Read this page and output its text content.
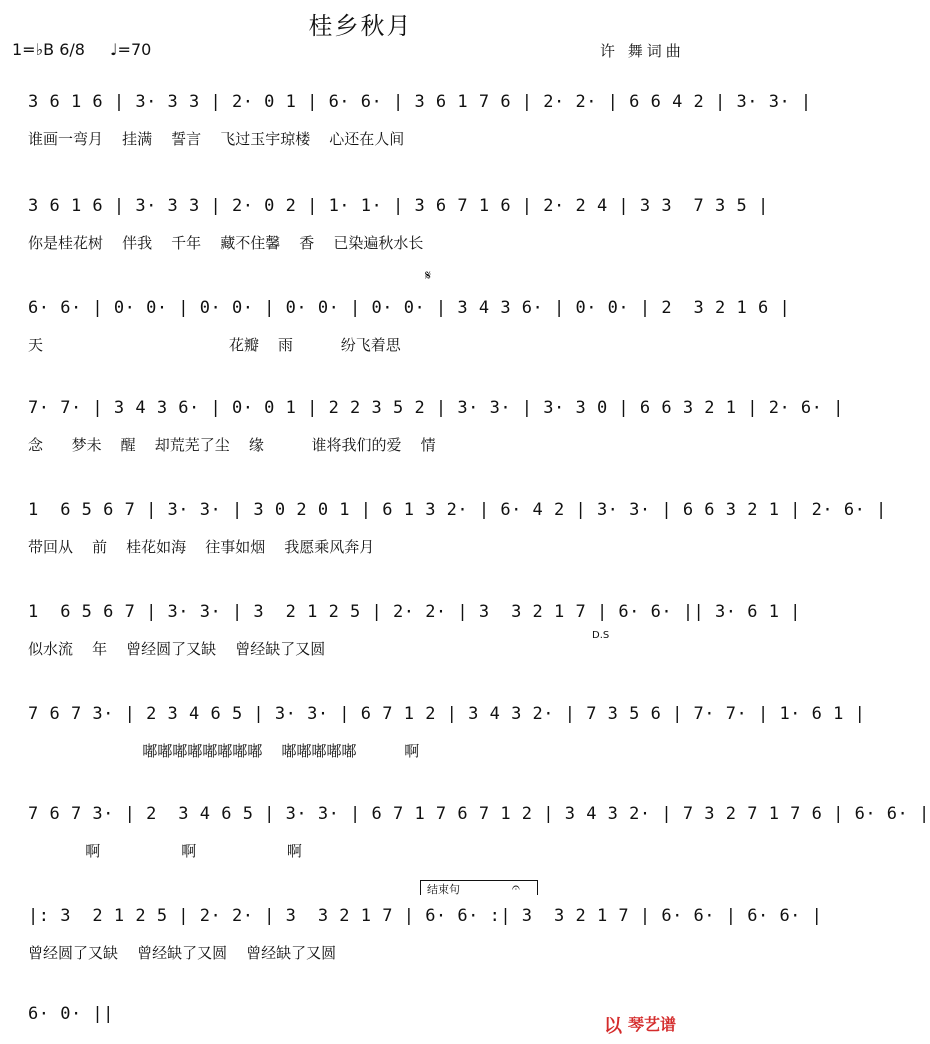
桂乡秋月
1=♭B 6/8 ♩=70	许 舞词曲
3 6 1 6 | 3· 3 3 | 2· 0 1 | 6· 6· | 3 6 1 7 6 | 2· 2· | 6 6 4 2 | 3· 3· |
谁画一弯月    挂满    誓言    飞过玉宇琼楼    心还在人间
3 6 1 6 | 3· 3 3 | 2· 0 2 | 1· 1· | 3 6 7 1 6 | 2· 2 4 | 3 3  7 3 5 |
你是桂花树    伴我    千年    藏不住馨    香    已染遍秋水长
𝄋
6· 6· | 0· 0· | 0· 0· | 0· 0· | 0· 0· | 3 4 3 6· | 0· 0· | 2  3 2 1 6 |
天                                       花瓣    雨          纷飞着思
7· 7· | 3 4 3 6· | 0· 0 1 | 2 2 3 5 2 | 3· 3· | 3· 3 0 | 6 6 3 2 1 | 2· 6· |
念      梦未    醒    却荒芜了尘    缘          谁将我们的爱    情
1  6 5 6 7 | 3· 3· | 3 0 2 0 1 | 6 1 3 2· | 6· 4 2 | 3· 3· | 6 6 3 2 1 | 2· 6· |
带回从    前    桂花如海    往事如烟    我愿乘风奔月
1  6 5 6 7 | 3· 3· | 3  2 1 2 5 | 2· 2· | 3  3 2 1 7 | 6· 6· || 3· 6 1 |
D.S
似水流    年    曾经圆了又缺    曾经缺了又圆
7 6 7 3· | 2 3 4 6 5 | 3· 3· | 6 7 1 2 | 3 4 3 2· | 7 3 5 6 | 7· 7· | 1· 6 1 |
嘟嘟嘟嘟嘟嘟嘟嘟    嘟嘟嘟嘟嘟          啊
7 6 7 3· | 2  3 4 6 5 | 3· 3· | 6 7 1 7 6 7 1 2 | 3 4 3 2· | 7 3 2 7 1 7 6 | 6· 6· |
啊                 啊                   啊
结束句	𝄐
|: 3  2 1 2 5 | 2· 2· | 3  3 2 1 7 | 6· 6· :| 3  3 2 1 7 | 6· 6· | 6· 6· |
曾经圆了又缺    曾经缺了又圆    曾经缺了又圆
6· 0· ||
以 琴艺谱
